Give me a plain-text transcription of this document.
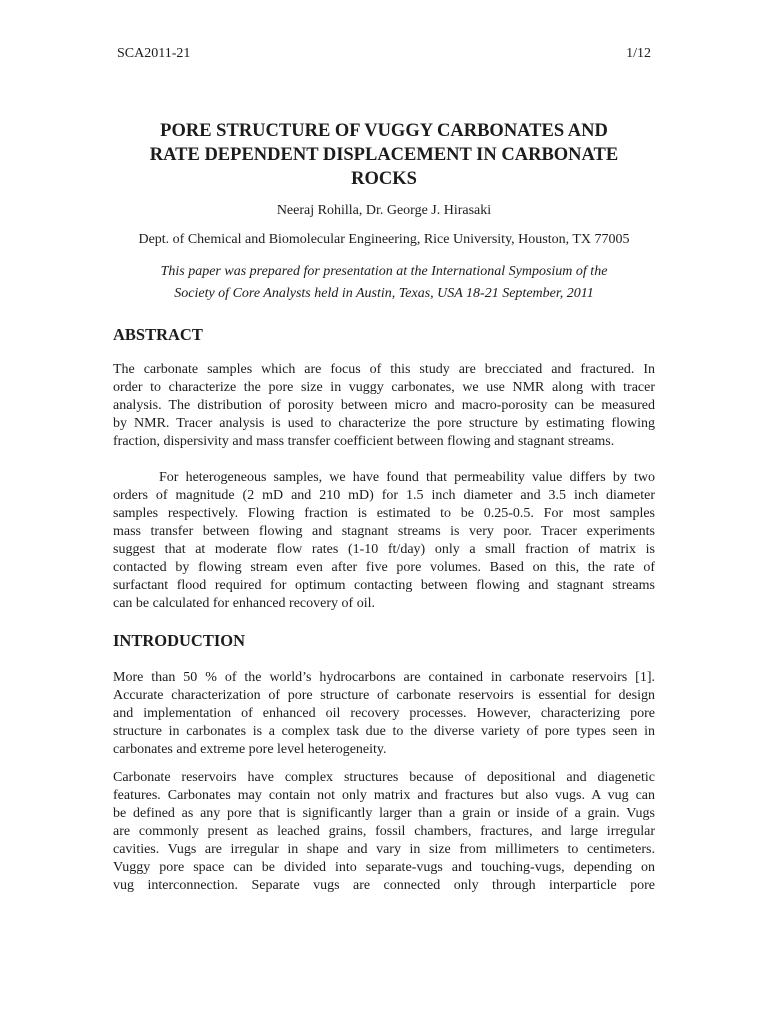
SCA2011-21	1/12
PORE STRUCTURE OF VUGGY CARBONATES AND
RATE DEPENDENT DISPLACEMENT IN CARBONATE
ROCKS
Neeraj Rohilla, Dr. George J. Hirasaki
Dept. of Chemical and Biomolecular Engineering, Rice University, Houston, TX 77005
This paper was prepared for presentation at the International Symposium of the
Society of Core Analysts held in Austin, Texas, USA 18-21 September, 2011
ABSTRACT
The carbonate samples which are focus of this study are brecciated and fractured. In
order to characterize the pore size in vuggy carbonates, we use NMR along with tracer
analysis. The distribution of porosity between micro and macro-porosity can be measured
by NMR. Tracer analysis is used to characterize the pore structure by estimating flowing
fraction, dispersivity and mass transfer coefficient between flowing and stagnant streams.
For heterogeneous samples, we have found that permeability value differs by two
orders of magnitude (2 mD and 210 mD) for 1.5 inch diameter and 3.5 inch diameter
samples respectively. Flowing fraction is estimated to be 0.25-0.5. For most samples
mass transfer between flowing and stagnant streams is very poor. Tracer experiments
suggest that at moderate flow rates (1-10 ft/day) only a small fraction of matrix is
contacted by flowing stream even after five pore volumes. Based on this, the rate of
surfactant flood required for optimum contacting between flowing and stagnant streams
can be calculated for enhanced recovery of oil.
INTRODUCTION
More than 50 % of the world’s hydrocarbons are contained in carbonate reservoirs [1].
Accurate characterization of pore structure of carbonate reservoirs is essential for design
and implementation of enhanced oil recovery processes. However, characterizing pore
structure in carbonates is a complex task due to the diverse variety of pore types seen in
carbonates and extreme pore level heterogeneity.
Carbonate reservoirs have complex structures because of depositional and diagenetic
features. Carbonates may contain not only matrix and fractures but also vugs. A vug can
be defined as any pore that is significantly larger than a grain or inside of a grain. Vugs
are commonly present as leached grains, fossil chambers, fractures, and large irregular
cavities. Vugs are irregular in shape and vary in size from millimeters to centimeters.
Vuggy pore space can be divided into separate-vugs and touching-vugs, depending on
vug interconnection. Separate vugs are connected only through interparticle pore
